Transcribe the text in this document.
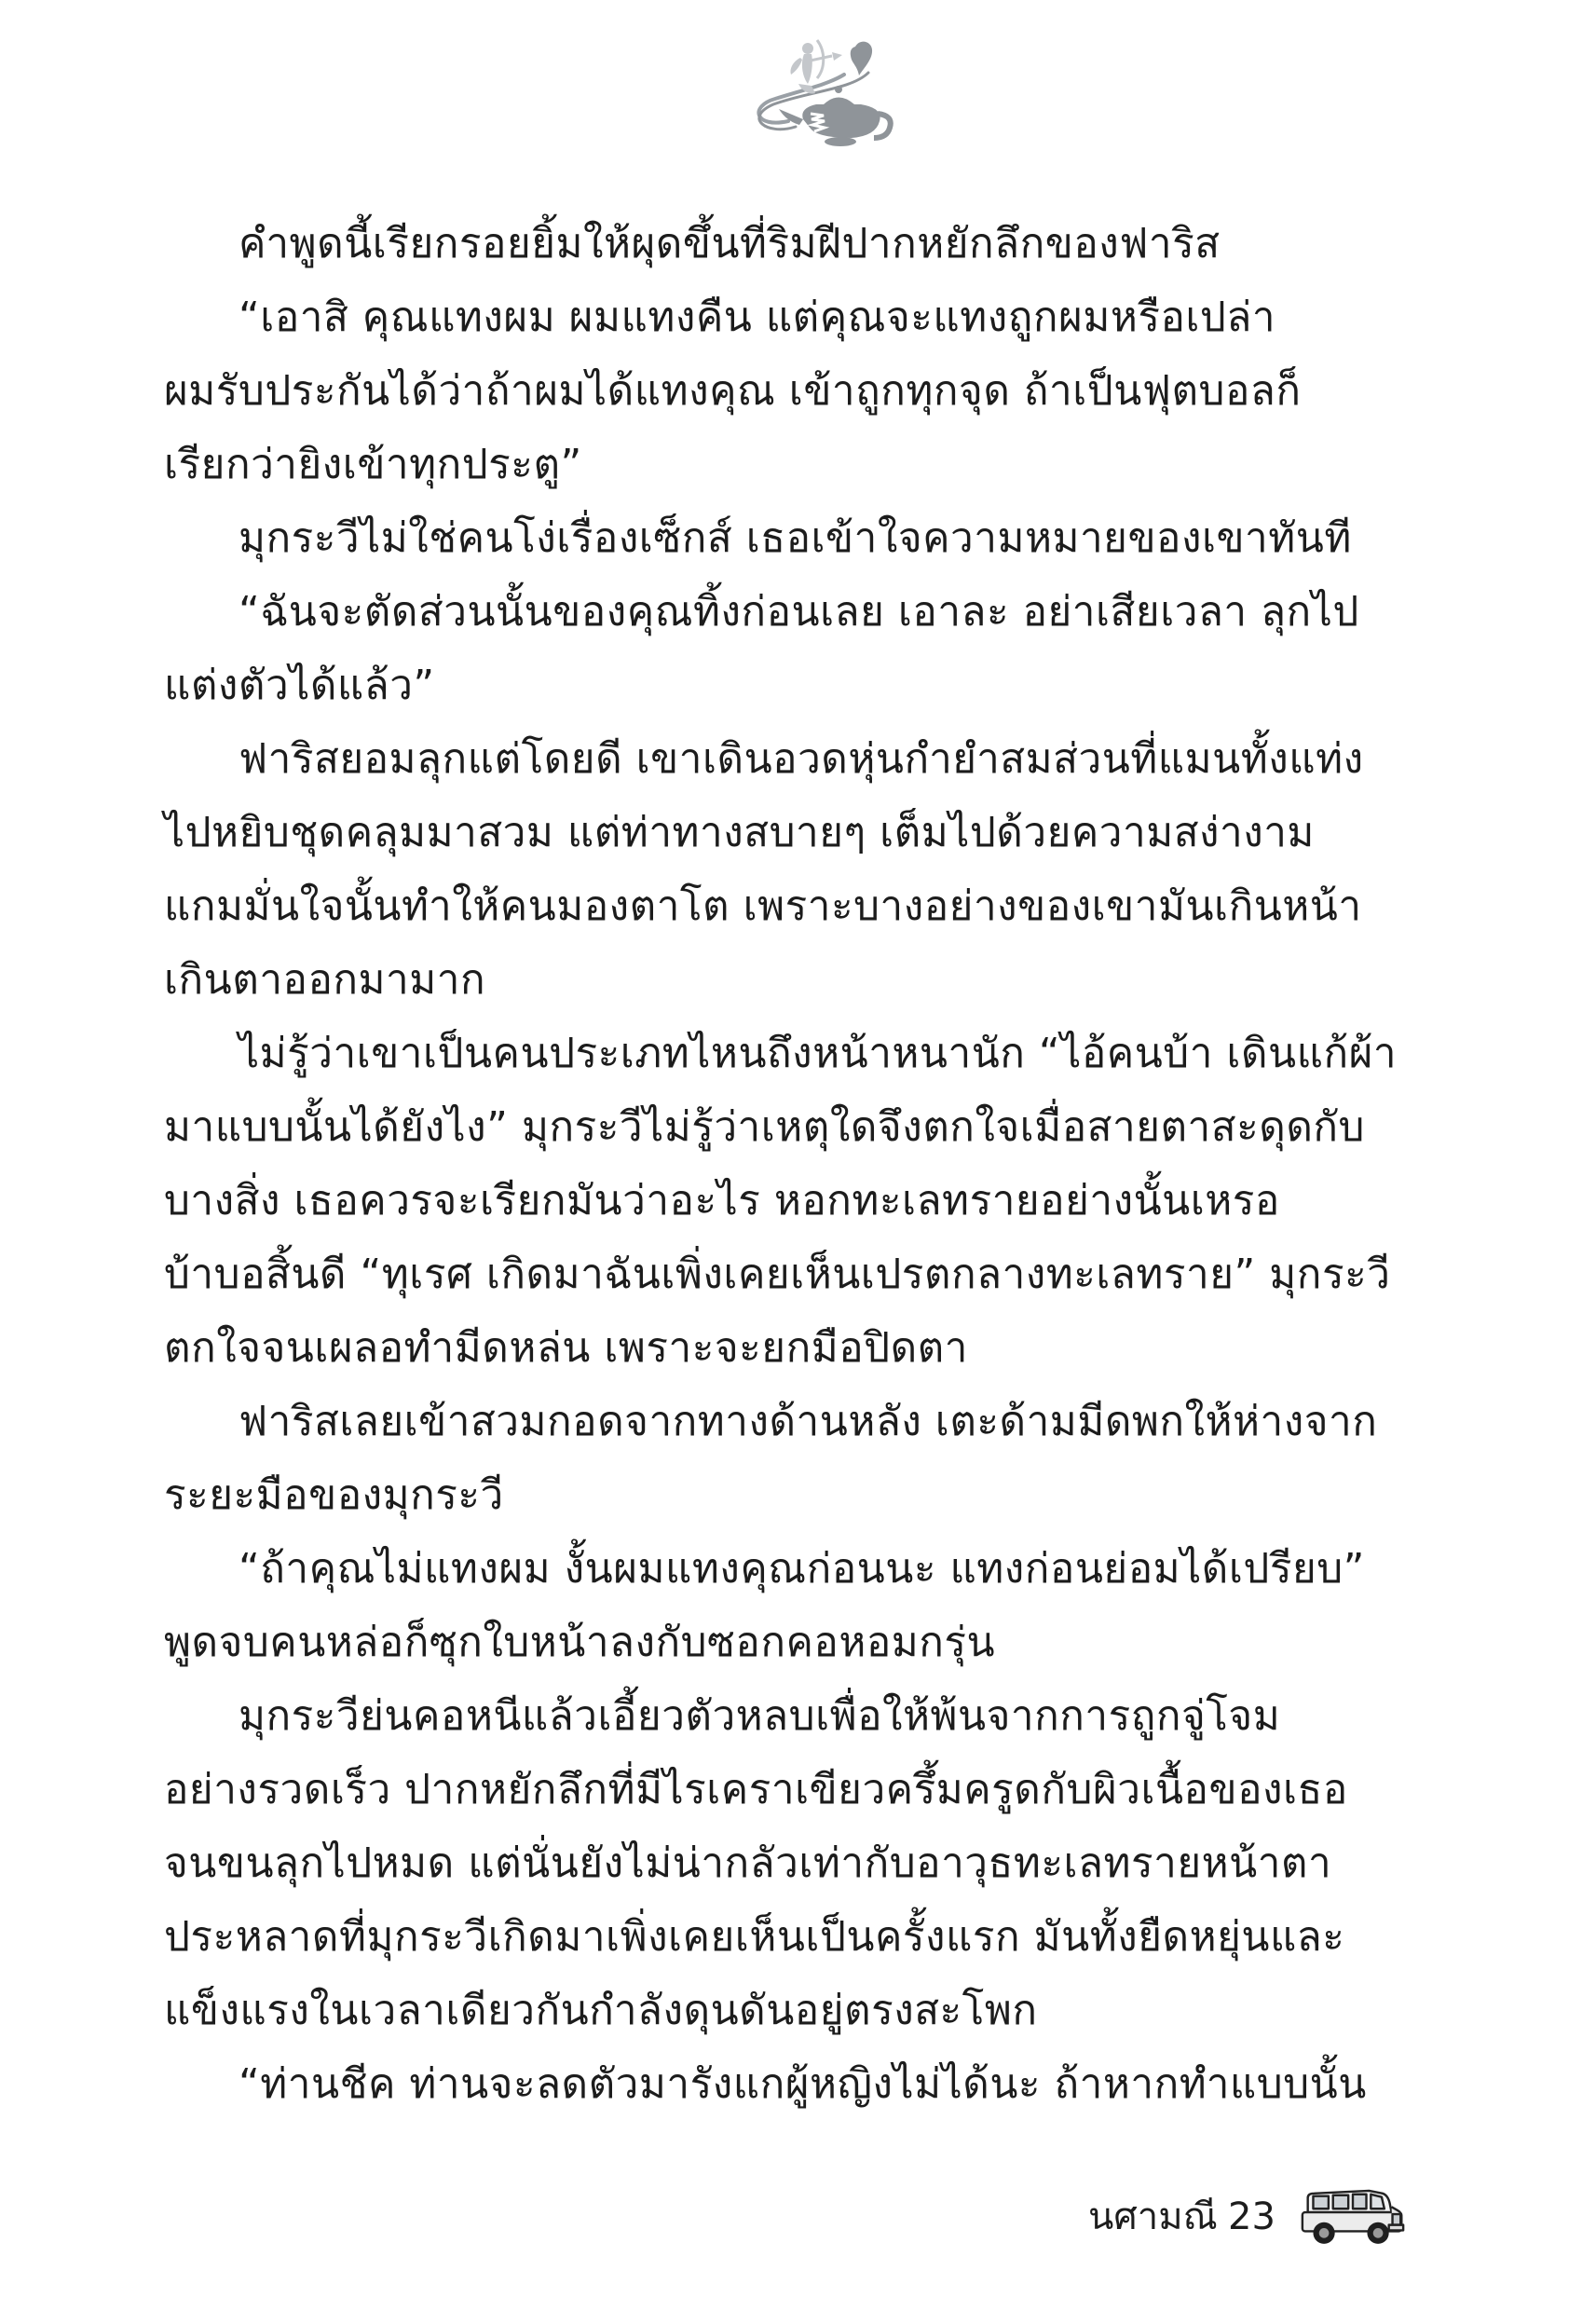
คำพูดนี้เรียกรอยยิ้มให้ผุดขึ้นที่ริมฝีปากหยักลึกของฟาริส
“เอาสิ คุณแทงผม ผมแทงคืน แต่คุณจะแทงถูกผมหรือเปล่า
ผมรับประกันได้ว่าถ้าผมได้แทงคุณ เข้าถูกทุกจุด ถ้าเป็นฟุตบอลก็
เรียกว่ายิงเข้าทุกประตู”
มุกระวีไม่ใช่คนโง่เรื่องเซ็กส์ เธอเข้าใจความหมายของเขาทันที
“ฉันจะตัดส่วนนั้นของคุณทิ้งก่อนเลย เอาละ อย่าเสียเวลา ลุกไป
แต่งตัวได้แล้ว”
ฟาริสยอมลุกแต่โดยดี เขาเดินอวดหุ่นกำยำสมส่วนที่แมนทั้งแท่ง
ไปหยิบชุดคลุมมาสวม แต่ท่าทางสบายๆ เต็มไปด้วยความสง่างาม
แกมมั่นใจนั้นทำให้คนมองตาโต เพราะบางอย่างของเขามันเกินหน้า
เกินตาออกมามาก
ไม่รู้ว่าเขาเป็นคนประเภทไหนถึงหน้าหนานัก “ไอ้คนบ้า เดินแก้ผ้า
มาแบบนั้นได้ยังไง” มุกระวีไม่รู้ว่าเหตุใดจึงตกใจเมื่อสายตาสะดุดกับ
บางสิ่ง เธอควรจะเรียกมันว่าอะไร หอกทะเลทรายอย่างนั้นเหรอ
บ้าบอสิ้นดี “ทุเรศ เกิดมาฉันเพิ่งเคยเห็นเปรตกลางทะเลทราย” มุกระวี
ตกใจจนเผลอทำมีดหล่น เพราะจะยกมือปิดตา
ฟาริสเลยเข้าสวมกอดจากทางด้านหลัง เตะด้ามมีดพกให้ห่างจาก
ระยะมือของมุกระวี
“ถ้าคุณไม่แทงผม งั้นผมแทงคุณก่อนนะ แทงก่อนย่อมได้เปรียบ”
พูดจบคนหล่อก็ซุกใบหน้าลงกับซอกคอหอมกรุ่น
มุกระวีย่นคอหนีแล้วเอี้ยวตัวหลบเพื่อให้พ้นจากการถูกจู่โจม
อย่างรวดเร็ว ปากหยักลึกที่มีไรเคราเขียวครึ้มครูดกับผิวเนื้อของเธอ
จนขนลุกไปหมด แต่นั่นยังไม่น่ากลัวเท่ากับอาวุธทะเลทรายหน้าตา
ประหลาดที่มุกระวีเกิดมาเพิ่งเคยเห็นเป็นครั้งแรก มันทั้งยืดหยุ่นและ
แข็งแรงในเวลาเดียวกันกำลังดุนดันอยู่ตรงสะโพก
“ท่านชีค ท่านจะลดตัวมารังแกผู้หญิงไม่ได้นะ ถ้าหากทำแบบนั้น
นศามณี 23
